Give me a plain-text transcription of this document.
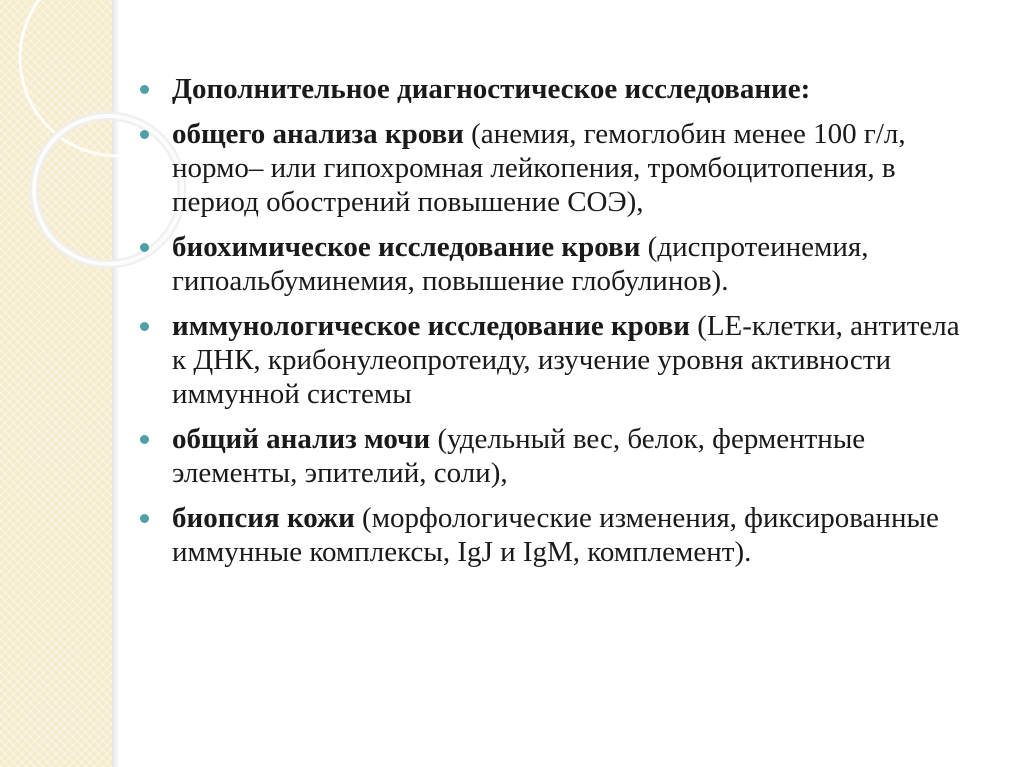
Дополнительное диагностическое исследование:
общего анализа крови (анемия, гемоглобин менее 100 г/л, нормо– или гипохромная лейкопения, тромбоцитопения, в период обострений повышение СОЭ),
биохимическое исследование крови (диспротеинемия, гипоальбуминемия, повышение глобулинов).
иммунологическое исследование крови (LE-клетки, антитела к ДНК, крибонулеопротеиду, изучение уровня активности иммунной системы
общий анализ мочи (удельный вес, белок, ферментные элементы, эпителий, соли),
биопсия кожи (морфологические изменения, фиксированные иммунные комплексы, IgJ и IgM, комплемент).
